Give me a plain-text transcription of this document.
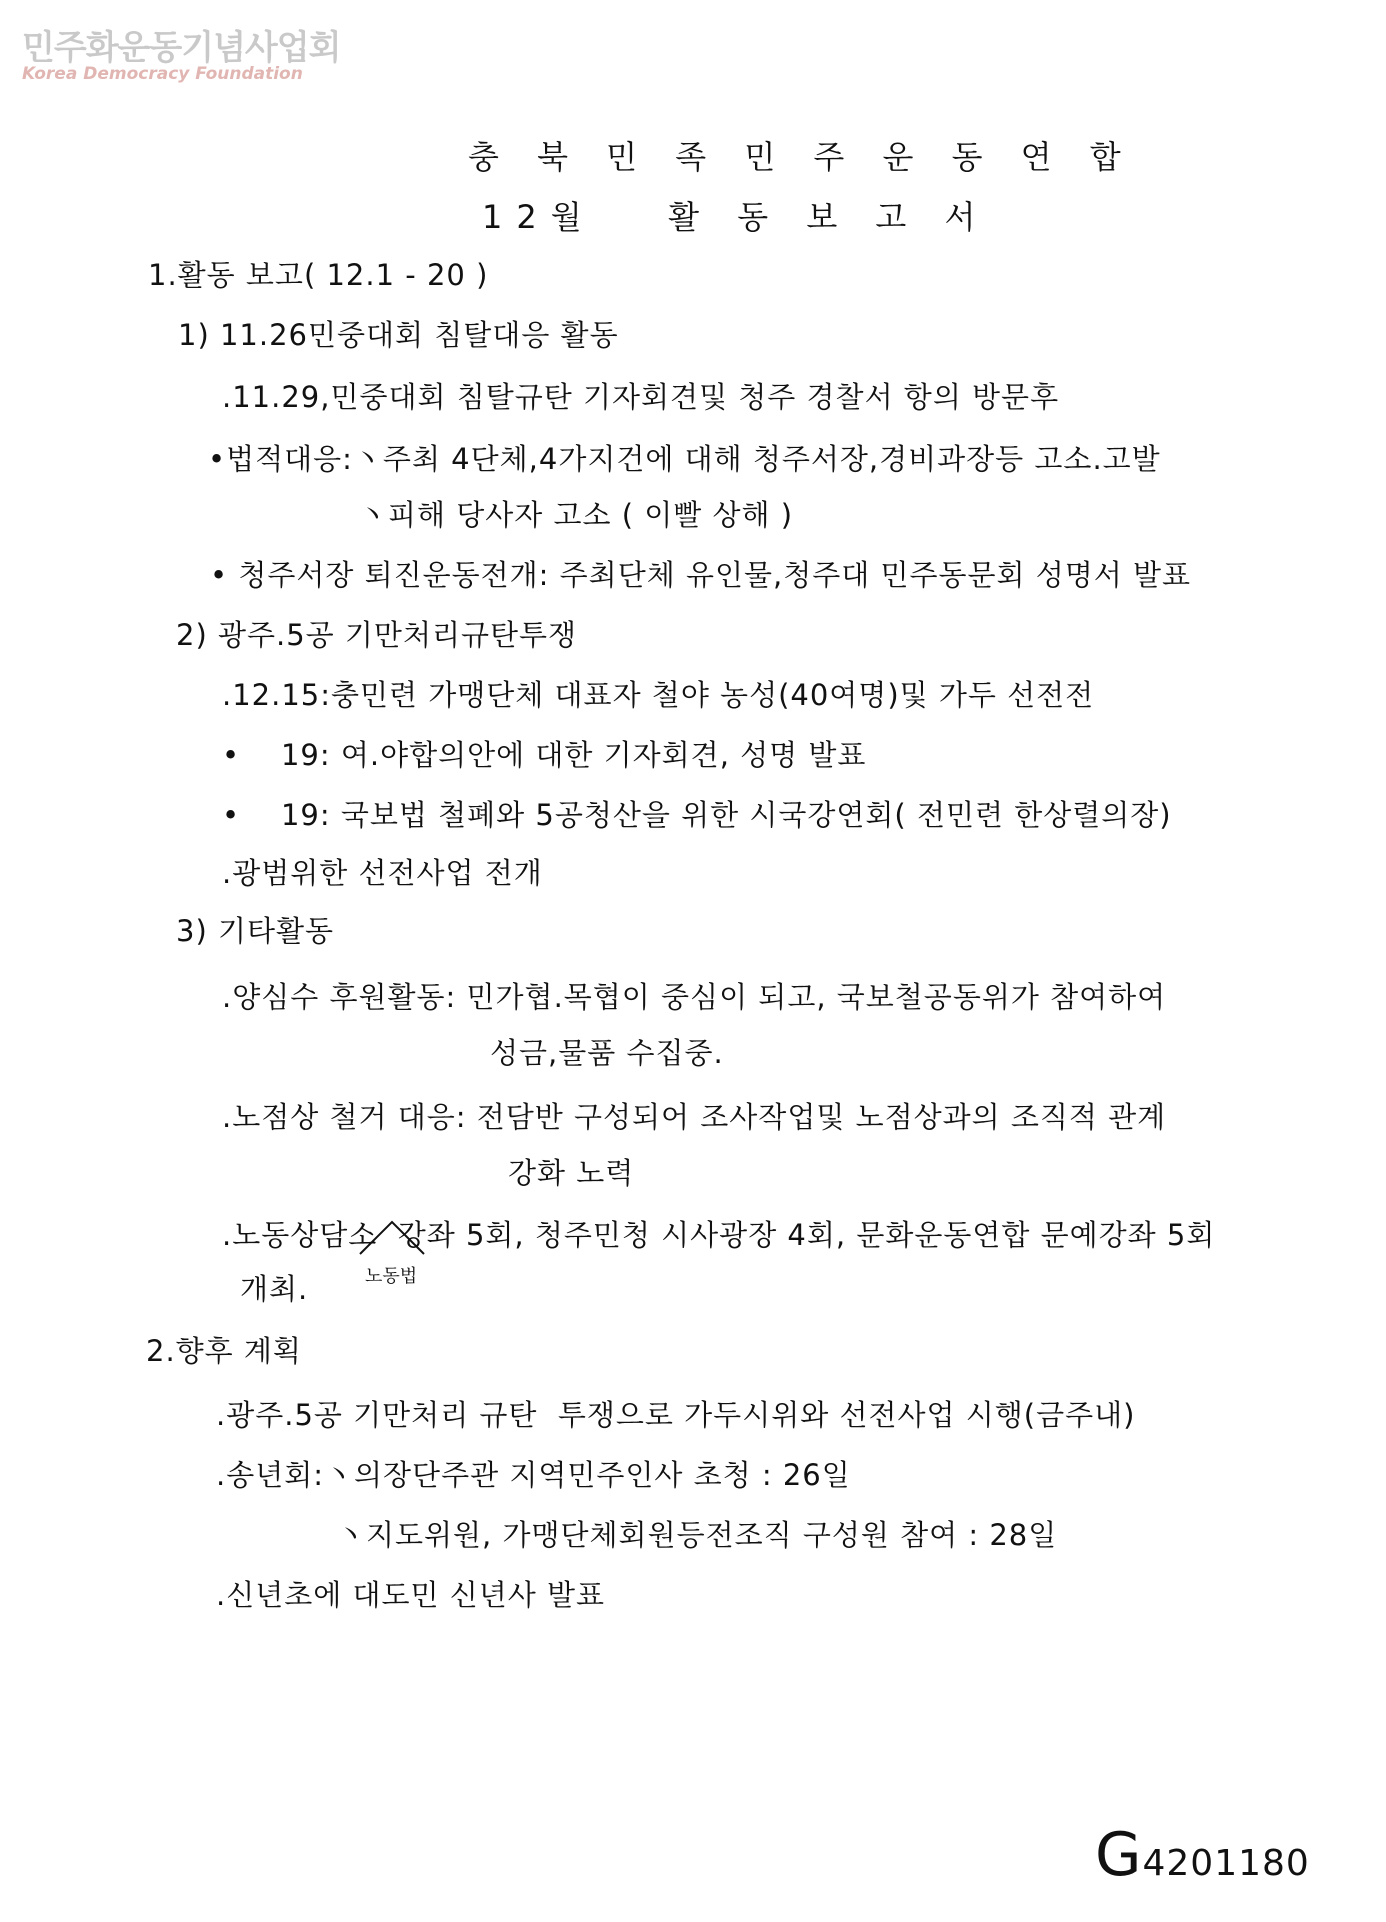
민주화운동기념사업회
Korea Democracy Foundation
충 북 민 족 민 주 운 동 연 합
12월   활 동 보 고 서
1.활동 보고( 12.1 - 20 )
1) 11.26민중대회 침탈대응 활동
.11.29,민중대회 침탈규탄 기자회견및 청주 경찰서 항의 방문후
•법적대응:丶주최 4단체,4가지건에 대해 청주서장,경비과장등 고소.고발
丶피해 당사자 고소 ( 이빨 상해 )
• 청주서장 퇴진운동전개: 주최단체 유인물,청주대 민주동문회 성명서 발표
2) 광주.5공 기만처리규탄투쟁
.12.15:충민련 가맹단체 대표자 철야 농성(40여명)및 가두 선전전
•    19: 여.야합의안에 대한 기자회견, 성명 발표
•    19: 국보법 철폐와 5공청산을 위한 시국강연회( 전민련 한상렬의장)
.광범위한 선전사업 전개
3) 기타활동
.양심수 후원활동: 민가협.목협이 중심이 되고, 국보철공동위가 참여하여
성금,물품 수집중.
.노점상 철거 대응: 전담반 구성되어 조사작업및 노점상과의 조직적 관계
강화 노력
.노동상담소  강좌 5회, 청주민청 시사광장 4회, 문화운동연합 문예강좌 5회
개최.	노동법
2.향후 계획
.광주.5공 기만처리 규탄  투쟁으로 가두시위와 선전사업 시행(금주내)
.송년회:丶의장단주관 지역민주인사 초청 : 26일
丶지도위원, 가맹단체회원등전조직 구성원 참여 : 28일
.신년초에 대도민 신년사 발표
G4201180
